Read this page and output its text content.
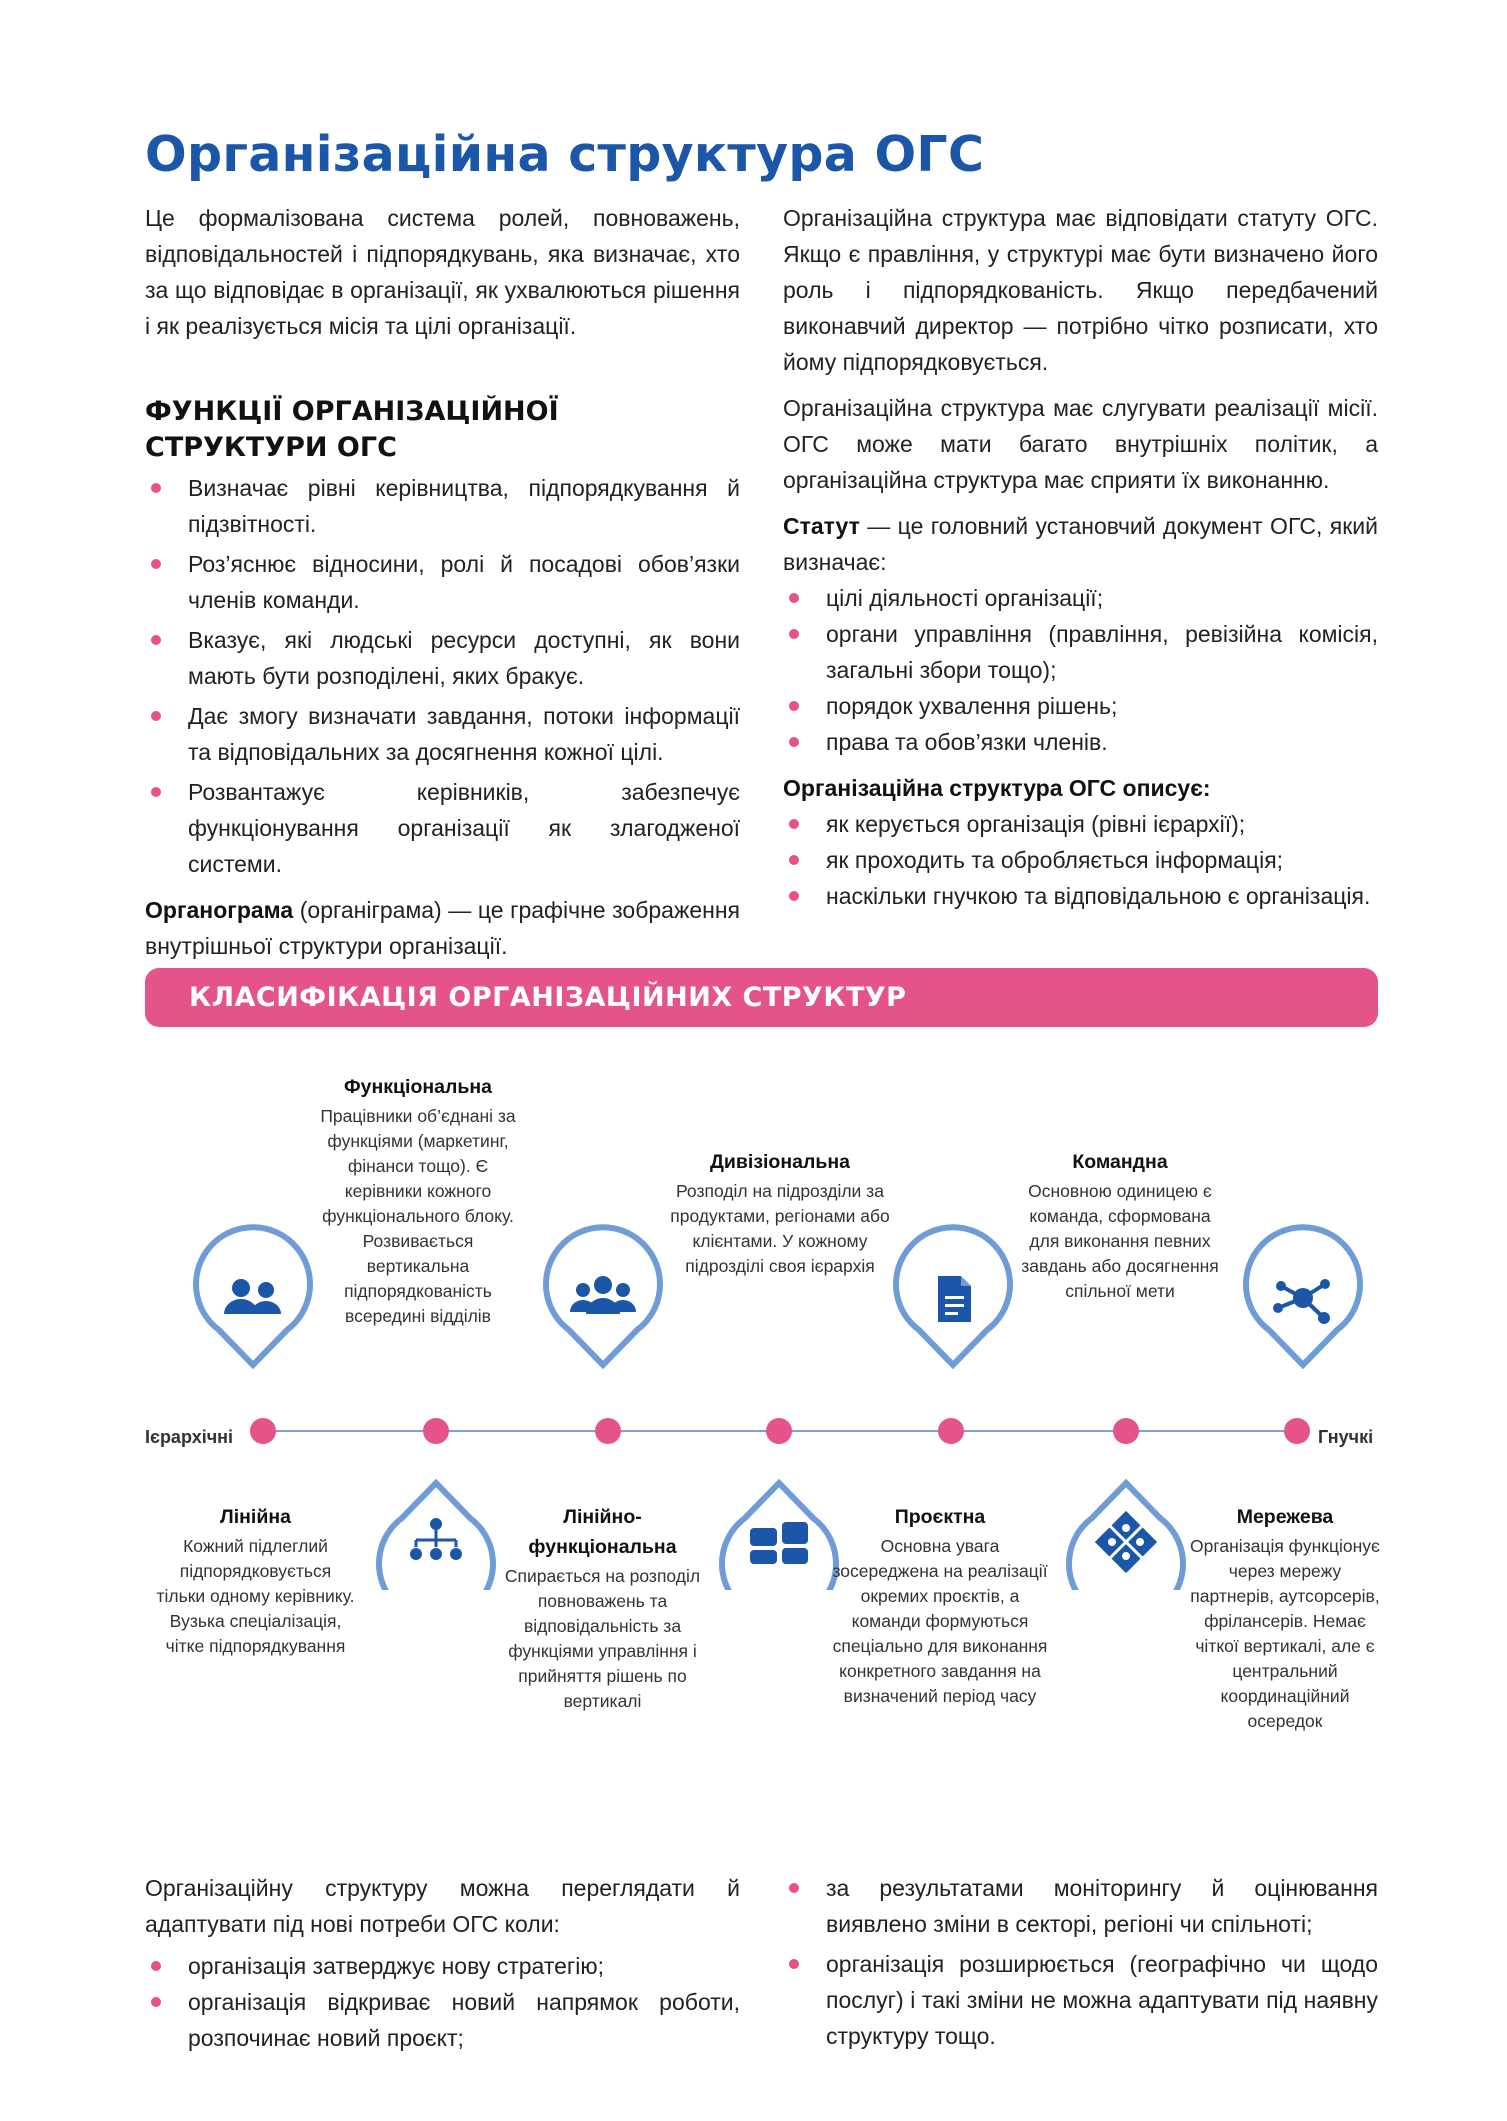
Організаційна структура ОГС

Це формалізована система ролей, повноважень, відповідальностей і підпорядкувань, яка визначає, хто за що відповідає в організації, як ухвалюються рішення і як реалізується місія та цілі організації.

ФУНКЦІЇ ОРГАНІЗАЦІЙНОЇ СТРУКТУРИ ОГС
Визначає рівні керівництва, підпорядкування й підзвітності.
Роз’яснює відносини, ролі й посадові обов’язки членів команди.
Вказує, які людські ресурси доступні, як вони мають бути розподілені, яких бракує.
Дає змогу визначати завдання, потоки інформації та відповідальних за досягнення кожної цілі.
Розвантажує керівників, забезпечує функціонування організації як злагодженої системи.

Органограма (органіграма) — це графічне зображення внутрішньої структури організації.

Організаційна структура має відповідати статуту ОГС. Якщо є правління, у структурі має бути визначено його роль і підпорядкованість. Якщо передбачений виконавчий директор — потрібно чітко розписати, хто йому підпорядковується.

Організаційна структура має слугувати реалізації місії. ОГС може мати багато внутрішніх політик, а організаційна структура має сприяти їх виконанню.

Статут — це головний установчий документ ОГС, який визначає:

цілі діяльності організації;
органи управління (правління, ревізійна комісія, загальні збори тощо);
порядок ухвалення рішень;
права та обов’язки членів.
Організаційна структура ОГС описує:
як керується організація (рівні ієрархії);
як проходить та обробляється інформація;
наскільки гнучкою та відповідальною є організація.
КЛАСИФІКАЦІЯ ОРГАНІЗАЦІЙНИХ СТРУКТУР
Ієрархічні	Гнучкі
Функціональна
Працівники об’єднані за функціями (маркетинг, фінанси тощо). Є керівники кожного функціонального блоку. Розвивається вертикальна підпорядкованість всередині відділів
Дивізіональна
Розподіл на підрозділи за продуктами, регіонами або клієнтами. У кожному підрозділі своя ієрархія
Командна
Основною одиницею є команда, сформована для виконання певних завдань або досягнення спільної мети
Лінійна
Кожний підлеглий підпорядковується тільки одному керівнику. Вузька спеціалізація, чітке підпорядкування
Лінійно-функціональна
Спирається на розподіл повноважень та відповідальність за функціями управління і прийняття рішень по вертикалі
Проєктна
Основна увага зосереджена на реалізації окремих проєктів, а команди формуються спеціально для виконання конкретного завдання на визначений період часу
Мережева
Організація функціонує через мережу партнерів, аутсорсерів, фрілансерів. Немає чіткої вертикалі, але є центральний координаційний осередок

Організаційну структуру можна переглядати й адаптувати під нові потреби ОГС коли:

організація затверджує нову стратегію;
організація відкриває новий напрямок роботи, розпочинає новий проєкт;
за результатами моніторингу й оцінювання виявлено зміни в секторі, регіоні чи спільноті;
організація розширюється (географічно чи щодо послуг) і такі зміни не можна адаптувати під наявну структуру тощо.
